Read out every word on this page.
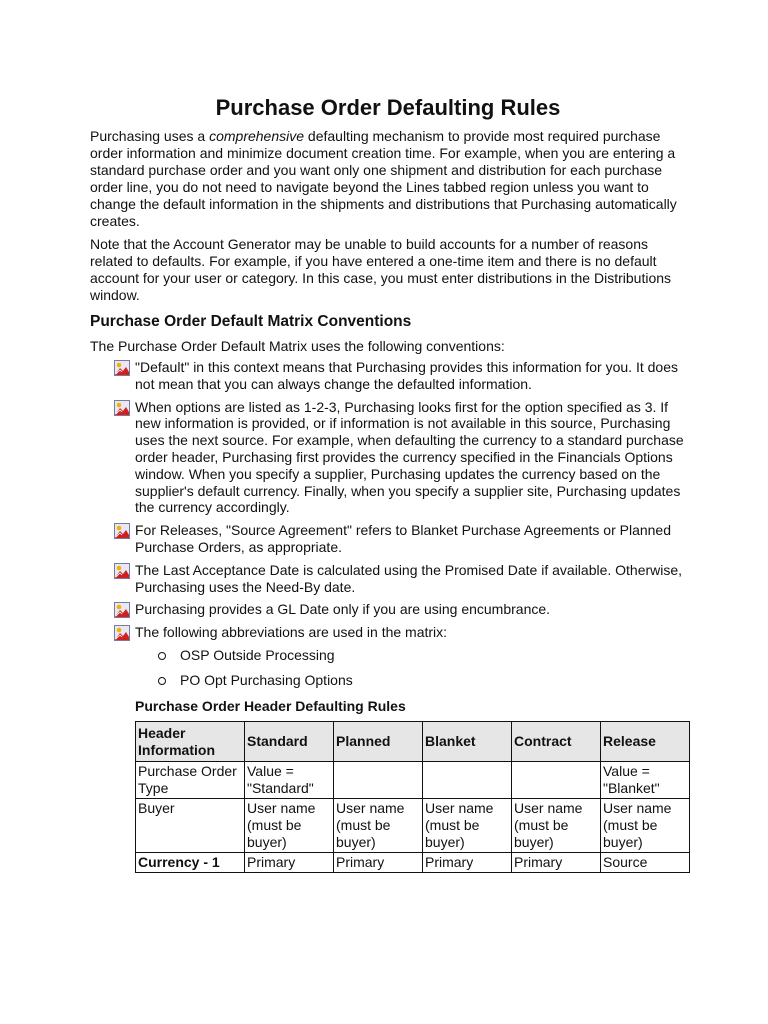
Purchase Order Defaulting Rules

Purchasing uses a comprehensive defaulting mechanism to provide most required purchase order information and minimize document creation time. For example, when you are entering a standard purchase order and you want only one shipment and distribution for each purchase order line, you do not need to navigate beyond the Lines tabbed region unless you want to change the default information in the shipments and distributions that Purchasing automatically creates.

Note that the Account Generator may be unable to build accounts for a number of reasons related to defaults. For example, if you have entered a one-time item and there is no default account for your user or category. In this case, you must enter distributions in the Distributions window.

Purchase Order Default Matrix Conventions

The Purchase Order Default Matrix uses the following conventions:

"Default" in this context means that Purchasing provides this information for you. It does not mean that you can always change the defaulted information.
When options are listed as 1-2-3, Purchasing looks first for the option specified as 3. If new information is provided, or if information is not available in this source, Purchasing uses the next source. For example, when defaulting the currency to a standard purchase order header, Purchasing first provides the currency specified in the Financials Options window. When you specify a supplier, Purchasing updates the currency based on the supplier's default currency. Finally, when you specify a supplier site, Purchasing updates the currency accordingly.
For Releases, "Source Agreement" refers to Blanket Purchase Agreements or Planned Purchase Orders, as appropriate.
The Last Acceptance Date is calculated using the Promised Date if available. Otherwise, Purchasing uses the Need-By date.
Purchasing provides a GL Date only if you are using encumbrance.
The following abbreviations are used in the matrix:
OSP Outside Processing
PO Opt Purchasing Options
Purchase Order Header Defaulting Rules
Header Information	Standard	Planned	Blanket	Contract	Release
Purchase Order Type	Value = "Standard"				Value = "Blanket"
Buyer	User name (must be buyer)	User name (must be buyer)	User name (must be buyer)	User name (must be buyer)	User name (must be buyer)
Currency - 1	Primary	Primary	Primary	Primary	Source
